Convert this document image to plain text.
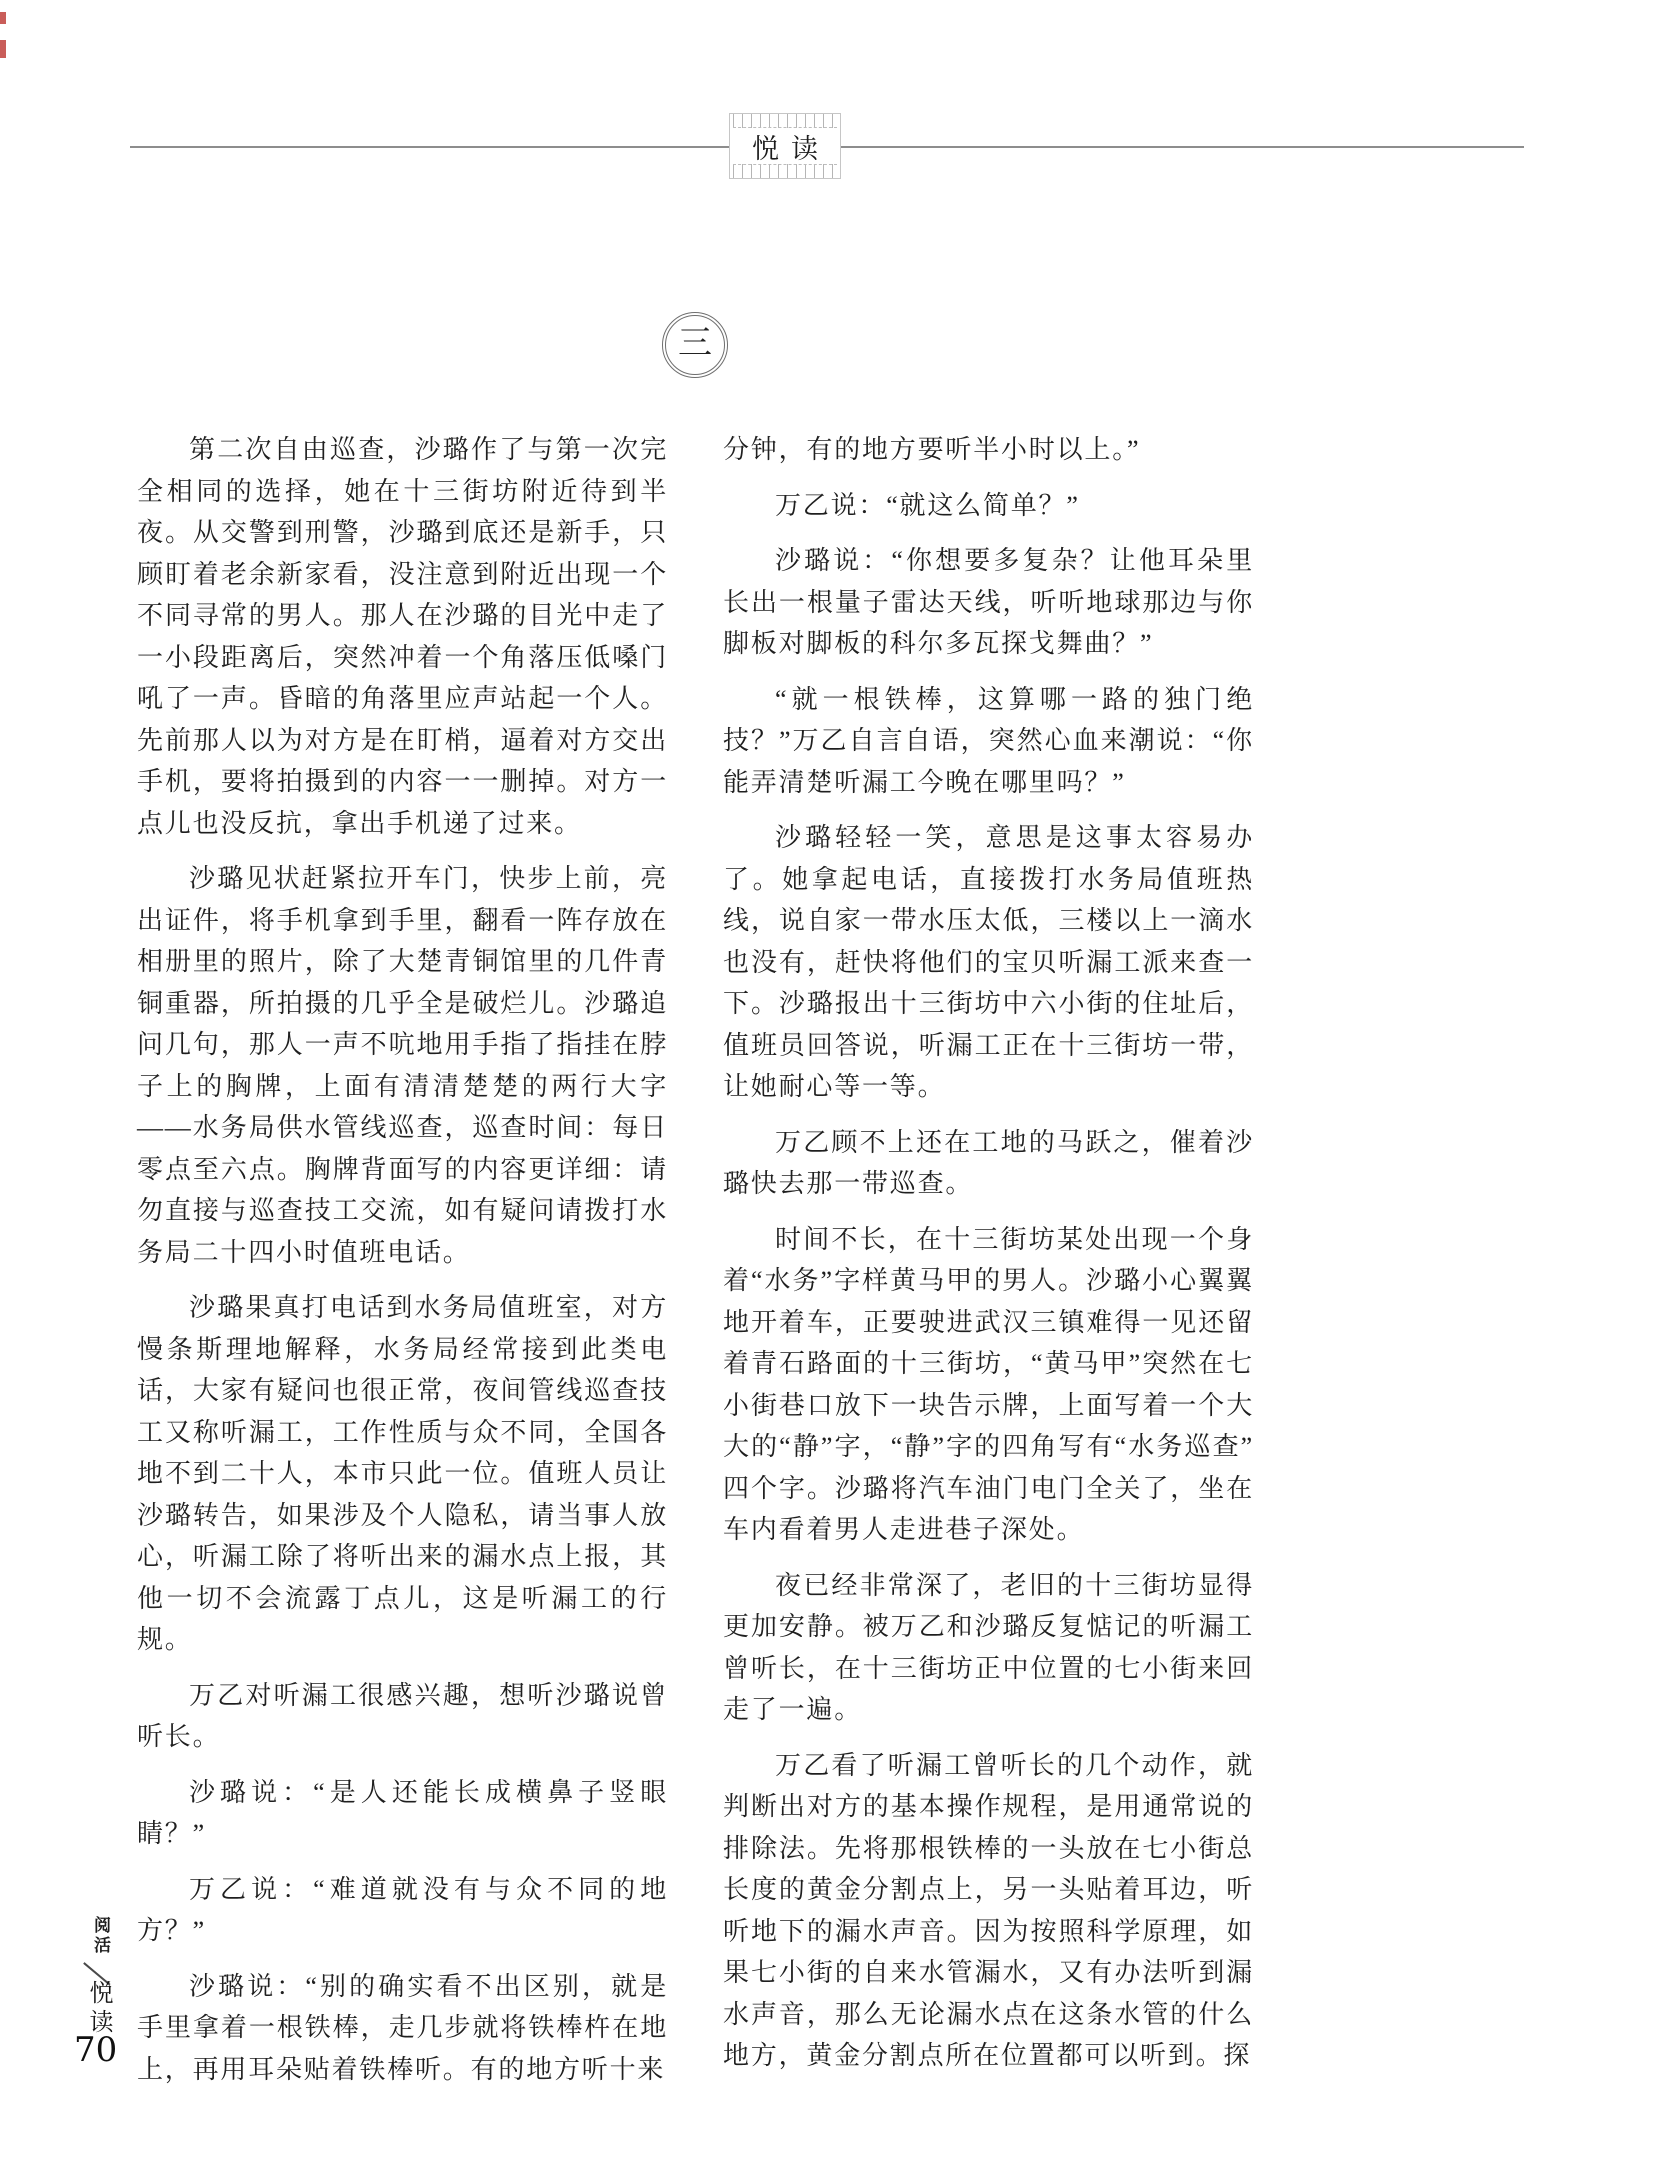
悦读
三

第二次自由巡查，沙璐作了与第一次完全相同的选择，她在十三街坊附近待到半夜。从交警到刑警，沙璐到底还是新手，只顾盯着老余新家看，没注意到附近出现一个不同寻常的男人。那人在沙璐的目光中走了一小段距离后，突然冲着一个角落压低嗓门吼了一声。昏暗的角落里应声站起一个人。先前那人以为对方是在盯梢，逼着对方交出手机，要将拍摄到的内容一一删掉。对方一点儿也没反抗，拿出手机递了过来。

沙璐见状赶紧拉开车门，快步上前，亮出证件，将手机拿到手里，翻看一阵存放在相册里的照片，除了大楚青铜馆里的几件青铜重器，所拍摄的几乎全是破烂儿。沙璐追问几句，那人一声不吭地用手指了指挂在脖子上的胸牌，上面有清清楚楚的两行大字——水务局供水管线巡查，巡查时间：每日零点至六点。胸牌背面写的内容更详细：请勿直接与巡查技工交流，如有疑问请拨打水务局二十四小时值班电话。

沙璐果真打电话到水务局值班室，对方慢条斯理地解释，水务局经常接到此类电话，大家有疑问也很正常，夜间管线巡查技工又称听漏工，工作性质与众不同，全国各地不到二十人，本市只此一位。值班人员让沙璐转告，如果涉及个人隐私，请当事人放心，听漏工除了将听出来的漏水点上报，其他一切不会流露丁点儿，这是听漏工的行规。

万乙对听漏工很感兴趣，想听沙璐说曾听长。

沙璐说：“是人还能长成横鼻子竖眼睛？”

万乙说：“难道就没有与众不同的地方？”

沙璐说：“别的确实看不出区别，就是手里拿着一根铁棒，走几步就将铁棒杵在地上，再用耳朵贴着铁棒听。有的地方听十来

分钟，有的地方要听半小时以上。”

万乙说：“就这么简单？”

沙璐说：“你想要多复杂？让他耳朵里长出一根量子雷达天线，听听地球那边与你脚板对脚板的科尔多瓦探戈舞曲？”

“就一根铁棒，这算哪一路的独门绝技？”万乙自言自语，突然心血来潮说：“你能弄清楚听漏工今晚在哪里吗？”

沙璐轻轻一笑，意思是这事太容易办了。她拿起电话，直接拨打水务局值班热线，说自家一带水压太低，三楼以上一滴水也没有，赶快将他们的宝贝听漏工派来查一下。沙璐报出十三街坊中六小街的住址后，值班员回答说，听漏工正在十三街坊一带，让她耐心等一等。

万乙顾不上还在工地的马跃之，催着沙璐快去那一带巡查。

时间不长，在十三街坊某处出现一个身着“水务”字样黄马甲的男人。沙璐小心翼翼地开着车，正要驶进武汉三镇难得一见还留着青石路面的十三街坊，“黄马甲”突然在七小街巷口放下一块告示牌，上面写着一个大大的“静”字，“静”字的四角写有“水务巡查”四个字。沙璐将汽车油门电门全关了，坐在车内看着男人走进巷子深处。

夜已经非常深了，老旧的十三街坊显得更加安静。被万乙和沙璐反复惦记的听漏工曾听长，在十三街坊正中位置的七小街来回走了一遍。

万乙看了听漏工曾听长的几个动作，就判断出对方的基本操作规程，是用通常说的排除法。先将那根铁棒的一头放在七小街总长度的黄金分割点上，另一头贴着耳边，听听地下的漏水声音。因为按照科学原理，如果七小街的自来水管漏水，又有办法听到漏水声音，那么无论漏水点在这条水管的什么地方，黄金分割点所在位置都可以听到。探

阅活
悦读
70
